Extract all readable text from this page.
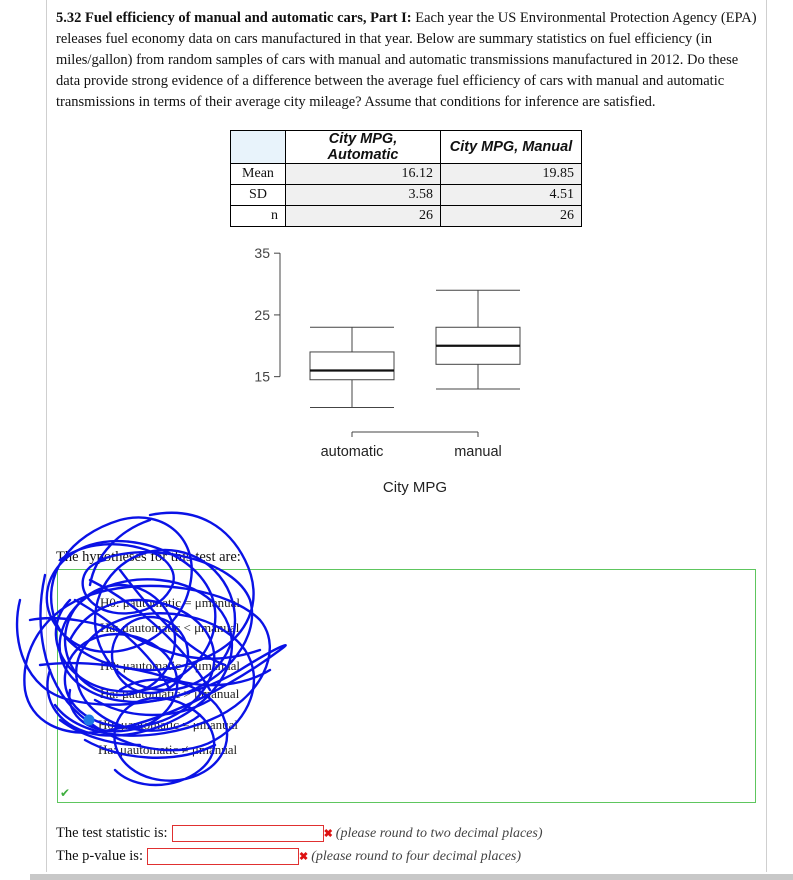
5.32 Fuel efficiency of manual and automatic cars, Part I: Each year the US Environmental Protection Agency (EPA) releases fuel economy data on cars manufactured in that year. Below are summary statistics on fuel efficiency (in miles/gallon) from random samples of cars with manual and automatic transmissions manufactured in 2012. Do these data provide strong evidence of a difference between the average fuel efficiency of cars with manual and automatic transmissions in terms of their average city mileage? Assume that conditions for inference are satisfied.
	City MPG, Automatic	City MPG, Manual
Mean	16.12	19.85
SD	3.58	4.51
n	26	26
15
25
35
automatic	manual
City MPG
The hypotheses for this test are:
H0: μautomatic = μmanual
Ha: μautomatic < μmanual
H0: μautomatic = μmanual
Ha: μautomatic > μmanual
H0: μautomatic = μmanual
Ha: μautomatic ≠ μmanual
✔
The test statistic is:	✖ (please round to two decimal places)
The p-value is:	✖ (please round to four decimal places)
